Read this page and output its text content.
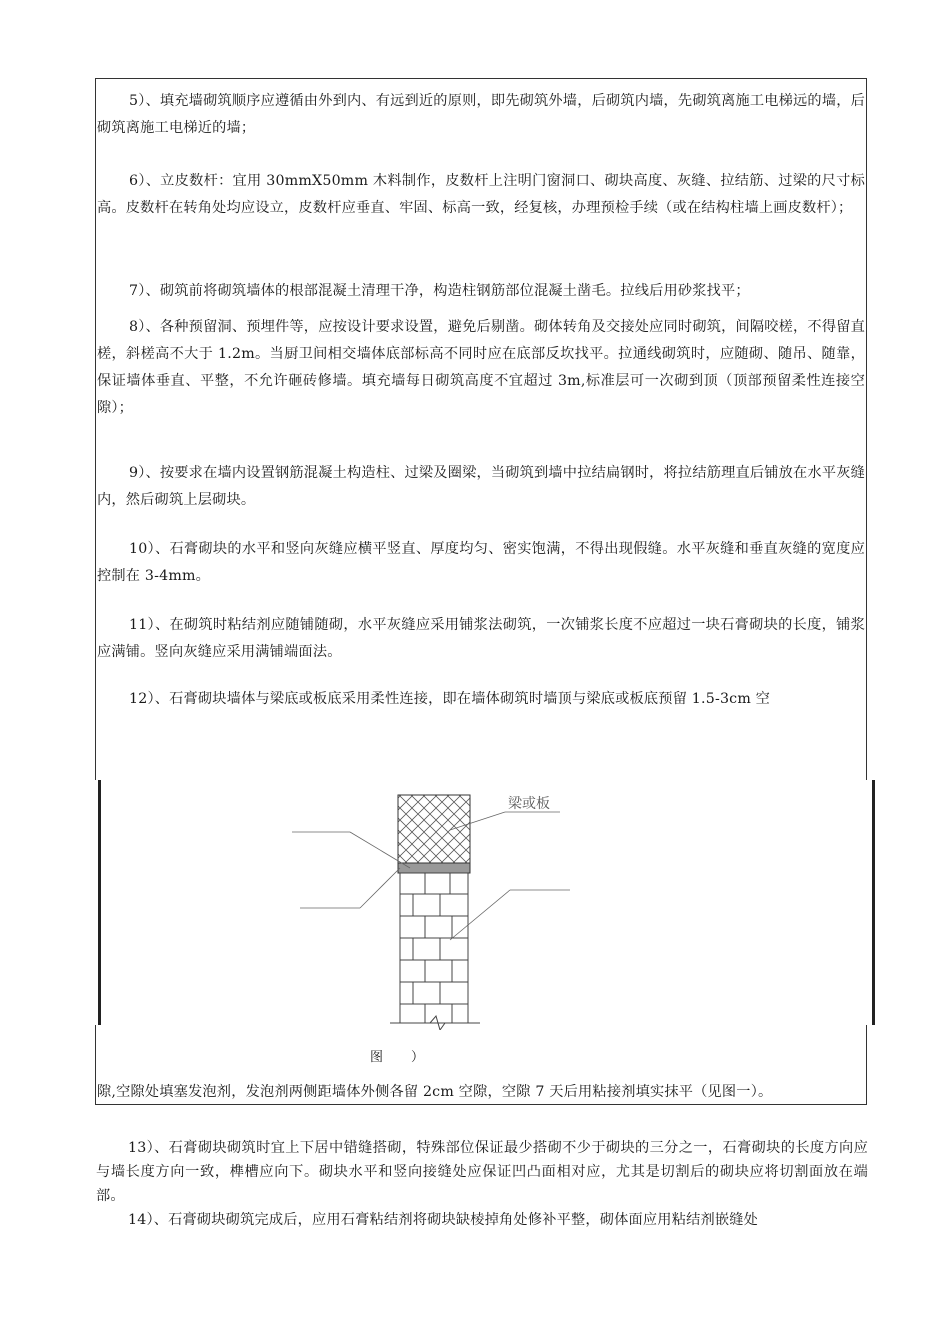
5）、填充墙砌筑顺序应遵循由外到内、有远到近的原则，即先砌筑外墙，后砌筑内墙，先砌筑离施工电梯远的墙，后砌筑离施工电梯近的墙；

6）、立皮数杆：宜用 30mmX50mm 木料制作，皮数杆上注明门窗洞口、砌块高度、灰缝、拉结筋、过梁的尺寸标高。皮数杆在转角处均应设立，皮数杆应垂直、牢固、标高一致，经复核，办理预检手续（或在结构柱墙上画皮数杆）；

7）、砌筑前将砌筑墙体的根部混凝土清理干净，构造柱钢筋部位混凝土凿毛。拉线后用砂浆找平；

8）、各种预留洞、预埋件等，应按设计要求设置，避免后剔凿。砌体转角及交接处应同时砌筑，间隔咬槎，不得留直槎，斜槎高不大于 1.2m。当厨卫间相交墙体底部标高不同时应在底部反坎找平。拉通线砌筑时，应随砌、随吊、随靠，保证墙体垂直、平整，不允许砸砖修墙。填充墙每日砌筑高度不宜超过 3m,标准层可一次砌到顶（顶部预留柔性连接空隙）；

9）、按要求在墙内设置钢筋混凝土构造柱、过梁及圈梁，当砌筑到墙中拉结扁钢时，将拉结筋理直后铺放在水平灰缝内，然后砌筑上层砌块。

10）、石膏砌块的水平和竖向灰缝应横平竖直、厚度均匀、密实饱满，不得出现假缝。水平灰缝和垂直灰缝的宽度应控制在 3-4mm。

11）、在砌筑时粘结剂应随铺随砌，水平灰缝应采用铺浆法砌筑，一次铺浆长度不应超过一块石膏砌块的长度，铺浆应满铺。竖向灰缝应采用满铺端面法。

12）、石膏砌块墙体与梁底或板底采用柔性连接，即在墙体砌筑时墙顶与梁底或板底预留 1.5-3cm 空

梁或板
图）

隙,空隙处填塞发泡剂，发泡剂两侧距墙体外侧各留 2cm 空隙，空隙 7 天后用粘接剂填实抹平（见图一）。

13）、石膏砌块砌筑时宜上下居中错缝搭砌，特殊部位保证最少搭砌不少于砌块的三分之一，石膏砌块的长度方向应与墙长度方向一致，榫槽应向下。砌块水平和竖向接缝处应保证凹凸面相对应，尤其是切割后的砌块应将切割面放在端部。

14）、石膏砌块砌筑完成后，应用石膏粘结剂将砌块缺棱掉角处修补平整，砌体面应用粘结剂嵌缝处
